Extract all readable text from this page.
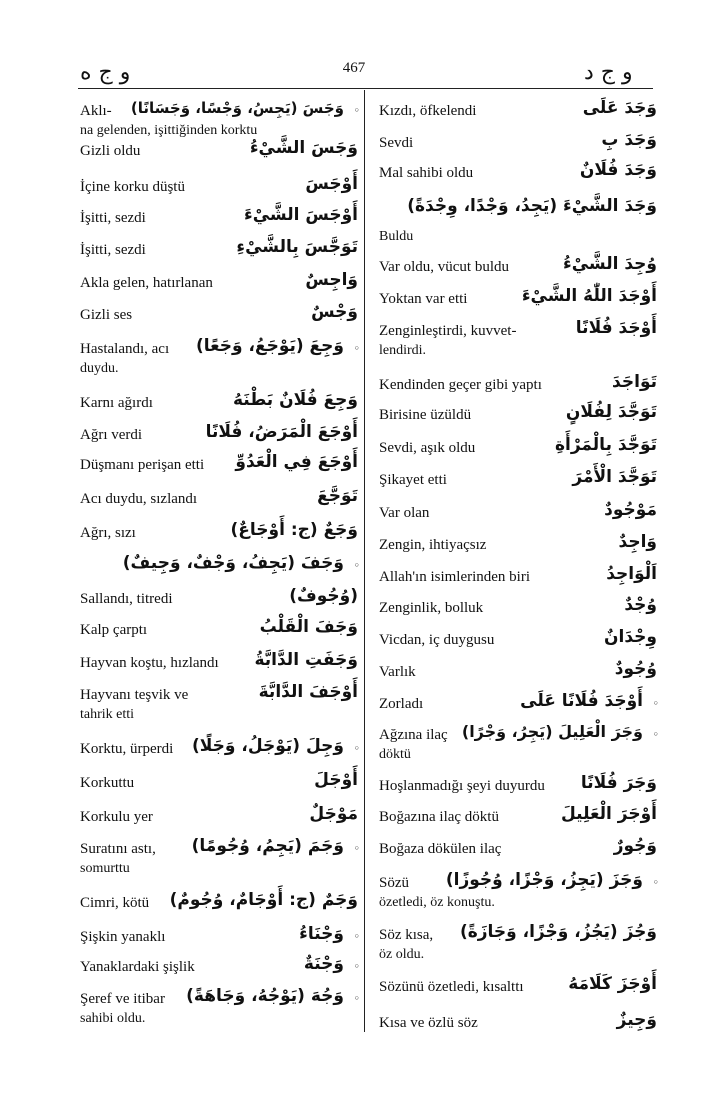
و ج ه	467	و ج د
وَجَسَ (يَجِسُ، وَجْسًا، وَجَسَانًا) ◦
Aklı-
na gelenden, işittiğinden korktu
وَجَسَ الشَّيْءُ
Gizli oldu
أَوْجَسَ
İçine korku düştü
أَوْجَسَ الشَّيْءَ
İşitti, sezdi
تَوَجَّسَ بِالشَّيْءِ
İşitti, sezdi
وَاجِسٌ
Akla gelen, hatırlanan
وَجْسٌ
Gizli ses
وَجِعَ (يَوْجَعُ، وَجَعًا) ◦
Hastalandı, acı
duydu.
وَجِعَ فُلَانٌ بَطْنَهُ
Karnı ağırdı
أَوْجَعَ الْمَرَضُ، فُلَانًا
Ağrı verdi
أَوْجَعَ فِي الْعَدُوِّ
Düşmanı perişan etti
تَوَجَّعَ
Acı duydu, sızlandı
وَجَعٌ (ج: أَوْجَاعٌ)
Ağrı, sızı
وَجَفَ (يَجِفُ، وَجْفٌ، وَجِيفٌ) ◦
(وُجُوفٌ)
Sallandı, titredi
وَجَفَ الْقَلْبُ
Kalp çarptı
وَجَفَتِ الدَّابَّةُ
Hayvan koştu, hızlandı
أَوْجَفَ الدَّابَّةَ
Hayvanı teşvik ve
tahrik etti
وَجِلَ (يَوْجَلُ، وَجَلًا) ◦
Korktu, ürperdi
أَوْجَلَ
Korkuttu
مَوْجَلٌ
Korkulu yer
وَجَمَ (يَجِمُ، وُجُومًا) ◦
Suratını astı,
somurttu
وَجَمٌ (ج: أَوْجَامٌ، وُجُومٌ)
Cimri, kötü
وَجْنَاءُ ◦
Şişkin yanaklı
وَجْنَةٌ ◦
Yanaklardaki şişlik
وَجُهَ (يَوْجُهُ، وَجَاهَةً) ◦
Şeref ve itibar
sahibi oldu.
وَجَدَ عَلَى
Kızdı, öfkelendi
وَجَدَ بِ
Sevdi
وَجَدَ فُلَانٌ
Mal sahibi oldu
وَجَدَ الشَّيْءَ (يَجِدُ، وَجْدًا، وِجْدَةً)
Buldu
وُجِدَ الشَّيْءُ
Var oldu, vücut buldu
أَوْجَدَ اللّٰهُ الشَّيْءَ
Yoktan var etti
أَوْجَدَ فُلَانًا
Zenginleştirdi, kuvvet-
lendirdi.
تَوَاجَدَ
Kendinden geçer gibi yaptı
تَوَجَّدَ لِفُلَانٍ
Birisine üzüldü
تَوَجَّدَ بِالْمَرْأَةِ
Sevdi, aşık oldu
تَوَجَّدَ الْأَمْرَ
Şikayet etti
مَوْجُودٌ
Var olan
وَاجِدٌ
Zengin, ihtiyaçsız
اَلْوَاجِدُ
Allah'ın isimlerinden biri
وُجْدٌ
Zenginlik, bolluk
وِجْدَانٌ
Vicdan, iç duygusu
وُجُودٌ
Varlık
أَوْجَدَ فُلَانًا عَلَى ◦
Zorladı
وَجَرَ الْعَلِيلَ (يَجِرُ، وَجْرًا) ◦
Ağzına ilaç
döktü
وَجَرَ فُلَانًا
Hoşlanmadığı şeyi duyurdu
أَوْجَرَ الْعَلِيلَ
Boğazına ilaç döktü
وَجُورٌ
Boğaza dökülen ilaç
وَجَزَ (يَجِزُ، وَجْزًا، وُجُوزًا) ◦
Sözü
özetledi, öz konuştu.
وَجُزَ (يَجُزُ، وَجْزًا، وَجَازَةً)
Söz kısa,
öz oldu.
أَوْجَزَ كَلَامَهُ
Sözünü özetledi, kısalttı
وَجِيزٌ
Kısa ve özlü söz
